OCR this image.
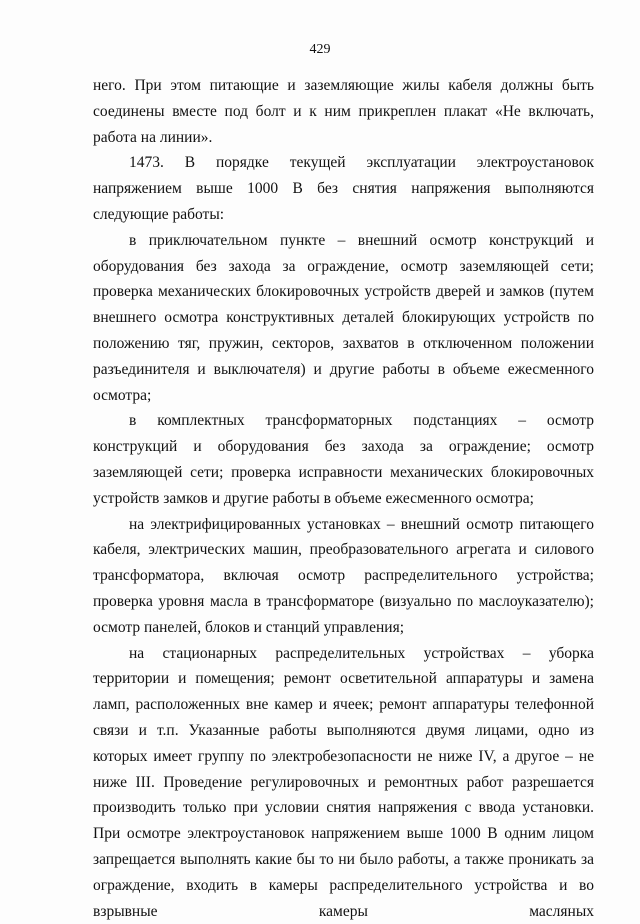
429

него. При этом питающие и заземляющие жилы кабеля должны быть соединены вместе под болт и к ним прикреплен плакат «Не включать, работа на линии».

1473. В порядке текущей эксплуатации электроустановок напряжением выше 1000 В без снятия напряжения выполняются следующие работы:

в приключательном пункте – внешний осмотр конструкций и оборудования без захода за ограждение, осмотр заземляющей сети; проверка механических блокировочных устройств дверей и замков (путем внешнего осмотра конструктивных деталей блокирующих устройств по положению тяг, пружин, секторов, захватов в отключенном положении разъединителя и выключателя) и другие работы в объеме ежесменного осмотра;

в комплектных трансформаторных подстанциях – осмотр конструкций и оборудования без захода за ограждение; осмотр заземляющей сети; проверка исправности механических блокировочных устройств замков и другие работы в объеме ежесменного осмотра;

на электрифицированных установках – внешний осмотр питающего кабеля, электрических машин, преобразовательного агрегата и силового трансформатора, включая осмотр распределительного устройства; проверка уровня масла в трансформаторе (визуально по маслоуказателю); осмотр панелей, блоков и станций управления;

на стационарных распределительных устройствах – уборка территории и помещения; ремонт осветительной аппаратуры и замена ламп, расположенных вне камер и ячеек; ремонт аппаратуры телефонной связи и т.п. Указанные работы выполняются двумя лицами, одно из которых имеет группу по электробезопасности не ниже IV, а другое – не ниже III. Проведение регулировочных и ремонтных работ разрешается производить только при условии снятия напряжения с ввода установки. При осмотре электроустановок напряжением выше 1000 В одним лицом запрещается выполнять какие бы то ни было работы, а также проникать за ограждение, входить в камеры распределительного устройства и во взрывные камеры масляных
